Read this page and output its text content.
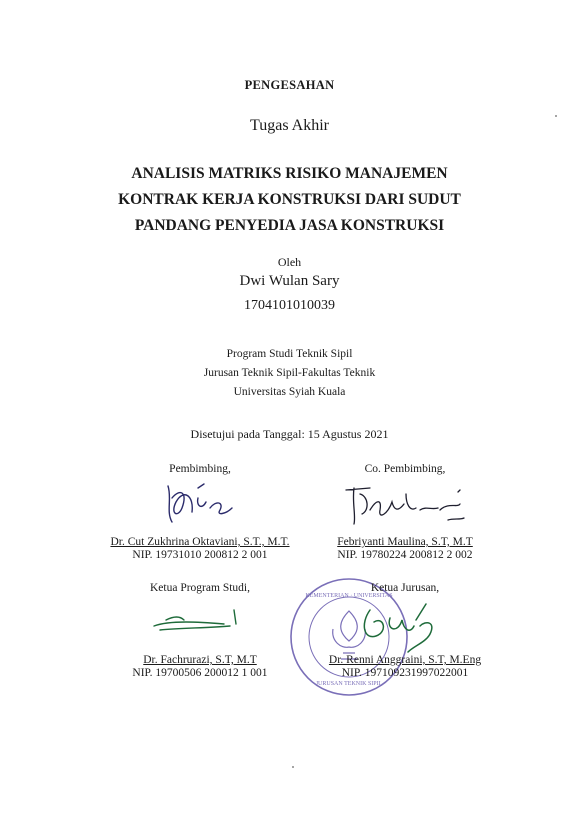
PENGESAHAN
Tugas Akhir
ANALISIS MATRIKS RISIKO MANAJEMEN
KONTRAK KERJA KONSTRUKSI DARI SUDUT
PANDANG PENYEDIA JASA KONSTRUKSI
Oleh
Dwi Wulan Sary
1704101010039
Program Studi Teknik Sipil
Jurusan Teknik Sipil-Fakultas Teknik
Universitas Syiah Kuala
Disetujui pada Tanggal: 15 Agustus 2021
Pembimbing,
Dr. Cut Zukhrina Oktaviani, S.T., M.T.
NIP. 19731010 200812 2 001
Co. Pembimbing,
Febriyanti Maulina, S.T, M.T
NIP. 19780224 200812 2 002
Ketua Program Studi,
Dr. Fachrurazi, S.T, M.T
NIP. 19700506 200012 1 001
KEMENTERIAN · UNIVERSITAS
JURUSAN TEKNIK SIPIL
Ketua Jurusan,
Dr. Renni Anggraini, S.T, M.Eng
NIP. 197109231997022001
